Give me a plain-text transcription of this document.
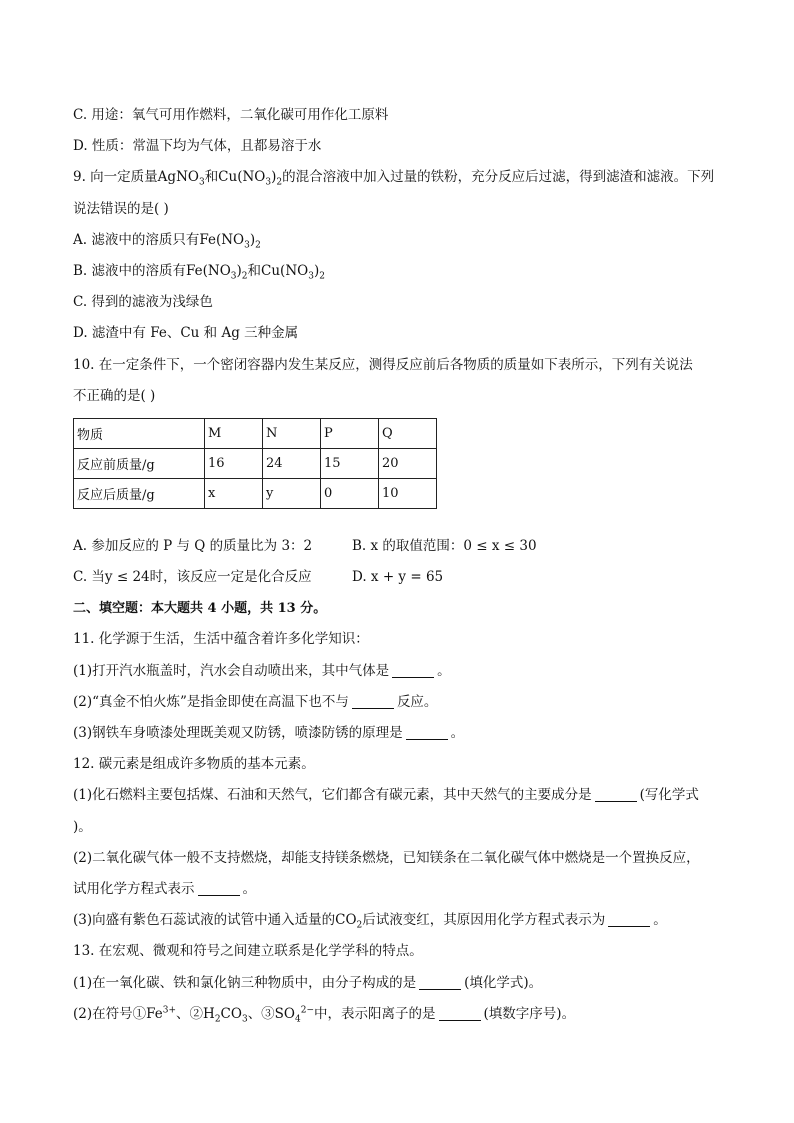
C. 用途：氧气可用作燃料，二氧化碳可用作化工原料
D. 性质：常温下均为气体，且都易溶于水
9. 向一定质量AgNO$_3$和$Cu(NO_3)_2$的混合溶液中加入过量的铁粉，充分反应后过滤，得到滤渣和滤液。下列
说法错误的是( )
A. 滤液中的溶质只有$Fe(NO_3)_2$
B. 滤液中的溶质有$Fe(NO_3)_2$和$Cu(NO_3)_2$
C. 得到的滤液为浅绿色
D. 滤渣中有 Fe、Cu 和 Ag 三种金属
10. 在一定条件下，一个密闭容器内发生某反应，测得反应前后各物质的质量如下表所示，下列有关说法
不正确的是( )
物质	M	N	P	Q
反应前质量/g	16	24	15	20
反应后质量/g	x	y	0	10
A. 参加反应的 P 与 Q 的质量比为 3：2	B. x 的取值范围：0 ≤ x ≤ 30
C. 当y ≤ 24时，该反应一定是化合反应	D. x + y = 65
二、填空题：本大题共 4 小题，共 13 分。
11. 化学源于生活，生活中蕴含着许多化学知识：
(1)打开汽水瓶盖时，汽水会自动喷出来，其中气体是	。
(2)“真金不怕火炼”是指金即使在高温下也不与	反应。
(3)钢铁车身喷漆处理既美观又防锈，喷漆防锈的原理是	。
12. 碳元素是组成许多物质的基本元素。
(1)化石燃料主要包括煤、石油和天然气，它们都含有碳元素，其中天然气的主要成分是	(写化学式
)。
(2)二氧化碳气体一般不支持燃烧，却能支持镁条燃烧，已知镁条在二氧化碳气体中燃烧是一个置换反应，
试用化学方程式表示	。
(3)向盛有紫色石蕊试液的试管中通入适量的$CO_2$后试液变红，其原因用化学方程式表示为	。
13. 在宏观、微观和符号之间建立联系是化学学科的特点。
(1)在一氧化碳、铁和氯化钠三种物质中，由分子构成的是	(填化学式)。
(2)在符号$①Fe^{3+}$、$②H_2CO_3$、$③SO_4^{2-}$中，表示阳离子的是	(填数字序号)。
